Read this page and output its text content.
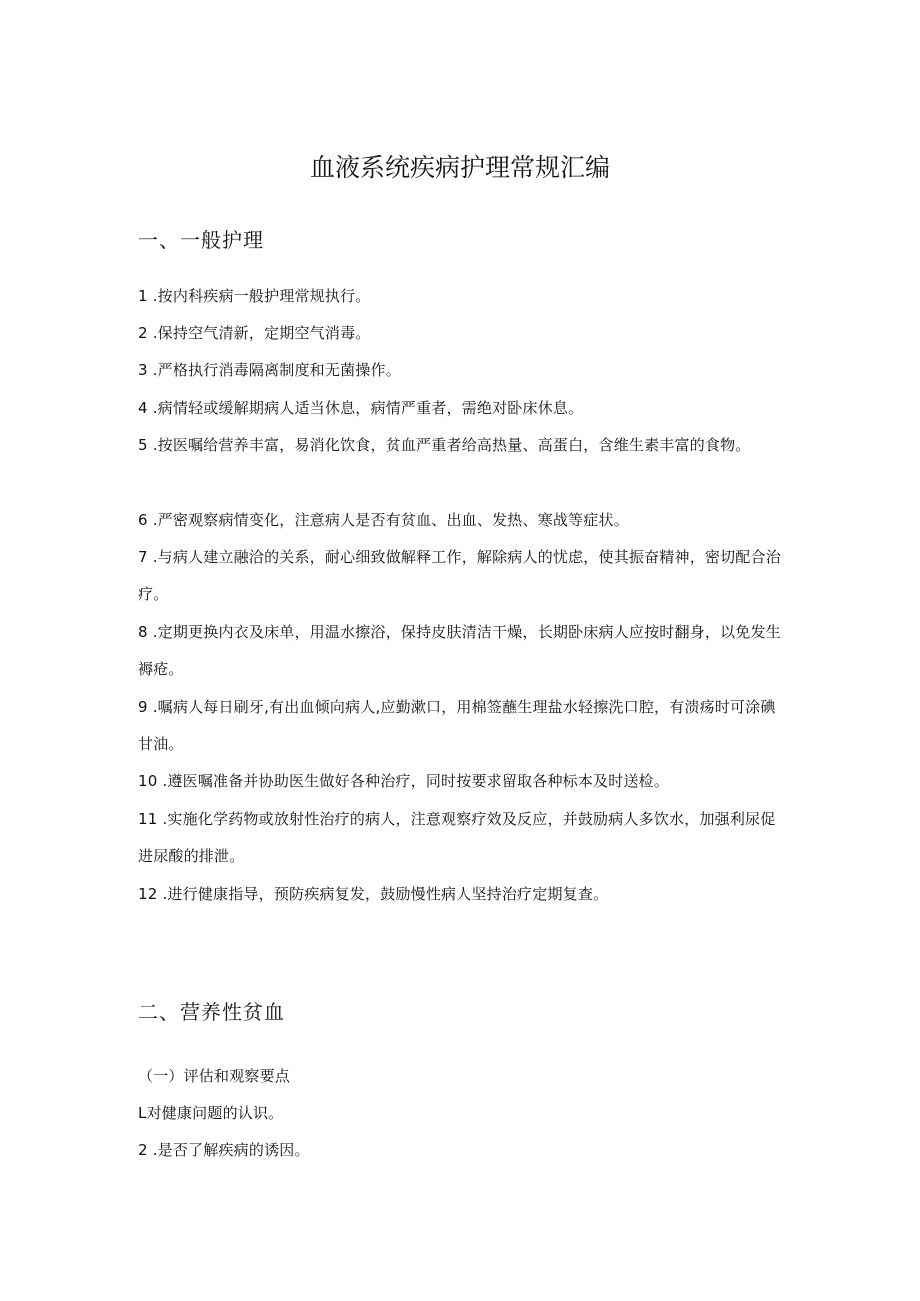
血液系统疾病护理常规汇编
一、一般护理

1 .按内科疾病一般护理常规执行。

2 .保持空气清新，定期空气消毒。

3 .严格执行消毒隔离制度和无菌操作。

4 .病情轻或缓解期病人适当休息，病情严重者，需绝对卧床休息。

5 .按医嘱给营养丰富，易消化饮食，贫血严重者给高热量、高蛋白，含维生素丰富的食物。

6 .严密观察病情变化，注意病人是否有贫血、出血、发热、寒战等症状。

7 .与病人建立融洽的关系，耐心细致做解释工作，解除病人的忧虑，使其振奋精神，密切配合治疗。

8 .定期更换内衣及床单，用温水擦浴，保持皮肤清洁干燥，长期卧床病人应按时翻身，以免发生褥疮。

9 .嘱病人每日刷牙,有出血倾向病人,应勤漱口，用棉签蘸生理盐水轻擦洗口腔，有溃疡时可涂碘甘油。

10 .遵医嘱准备并协助医生做好各种治疗，同时按要求留取各种标本及时送检。

11 .实施化学药物或放射性治疗的病人，注意观察疗效及反应，并鼓励病人多饮水，加强利尿促进尿酸的排泄。

12 .进行健康指导，预防疾病复发，鼓励慢性病人坚持治疗定期复查。

二、营养性贫血

（一）评估和观察要点

L对健康问题的认识。

2 .是否了解疾病的诱因。
